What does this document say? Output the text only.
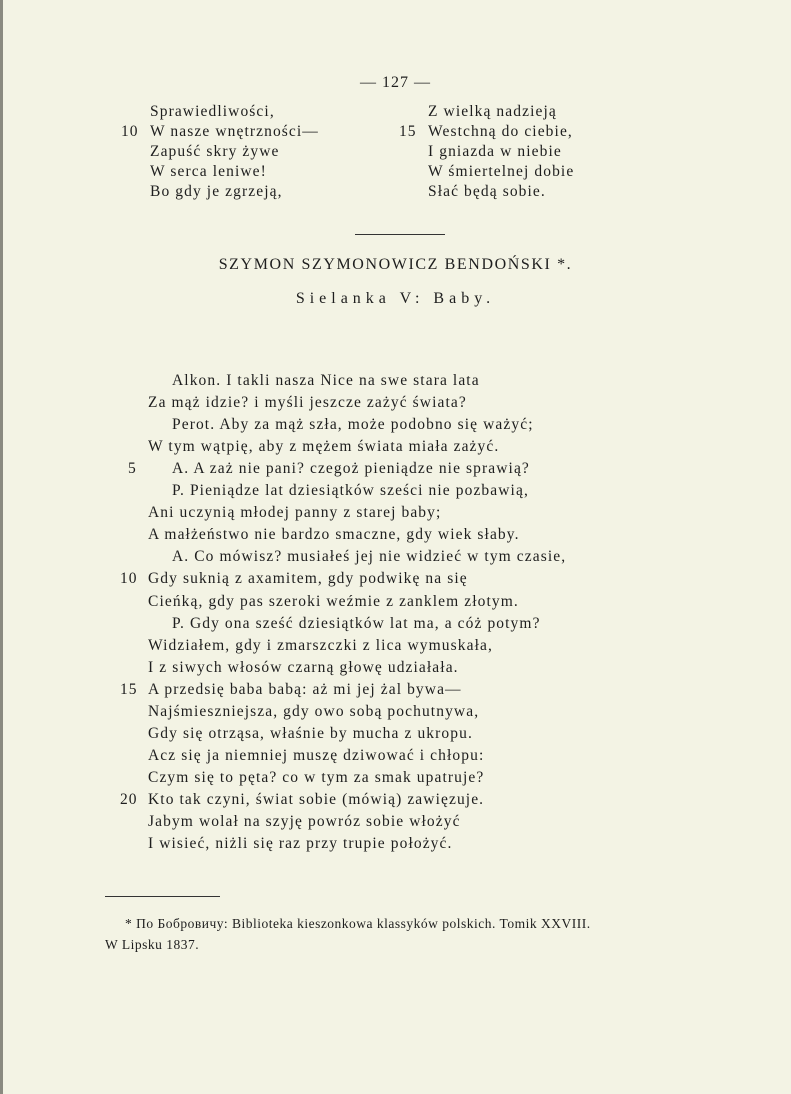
— 127 —
Sprawiedliwości,
10 W nasze wnętrzności—
Zapuść skry żywe
W serca leniwe!
Bo gdy je zgrzeją,
Z wielką nadzieją
15 Westchną do ciebie,
I gniazda w niebie
W śmiertelnej dobie
Słać będą sobie.
SZYMON SZYMONOWICZ BENDOŃSKI *.
Sielanka V: Baby.
Alkon. I takli nasza Nice na swe stara lata
Za mąż idzie? i myśli jeszcze zażyć świata?
Perot. Aby za mąż szła, może podobno się ważyć;
W tym wątpię, aby z mężem świata miała zażyć.
5 A. A zaż nie pani? czegoż pieniądze nie sprawią?
P. Pieniądze lat dziesiątków sześci nie pozbawią,
Ani uczynią młodej panny z starej baby;
A małżeństwo nie bardzo smaczne, gdy wiek słaby.
A. Co mówisz? musiałeś jej nie widzieć w tym czasie,
10 Gdy suknią z axamitem, gdy podwikę na się
Cieńką, gdy pas szeroki weźmie z zanklem złotym.
P. Gdy ona sześć dziesiątków lat ma, a cóż potym?
Widziałem, gdy i zmarszczki z lica wymuskała,
I z siwych włosów czarną głowę udziałała.
15 A przedsię baba babą: aż mi jej żal bywa—
Najśmieszniejsza, gdy owo sobą pochutnywa,
Gdy się otrząsa, właśnie by mucha z ukropu.
Acz się ja niemniej muszę dziwować i chłopu:
Czym się to pęta? co w tym za smak upatruje?
20 Kto tak czyni, świat sobie (mówią) zawięzuje.
Jabym wolał na szyję powróz sobie włożyć
I wisieć, niżli się raz przy trupie położyć.
* По Бобровичу: Biblioteka kieszonkowa klassyków polskich. Tomik XXVIII.
W Lipsku 1837.
